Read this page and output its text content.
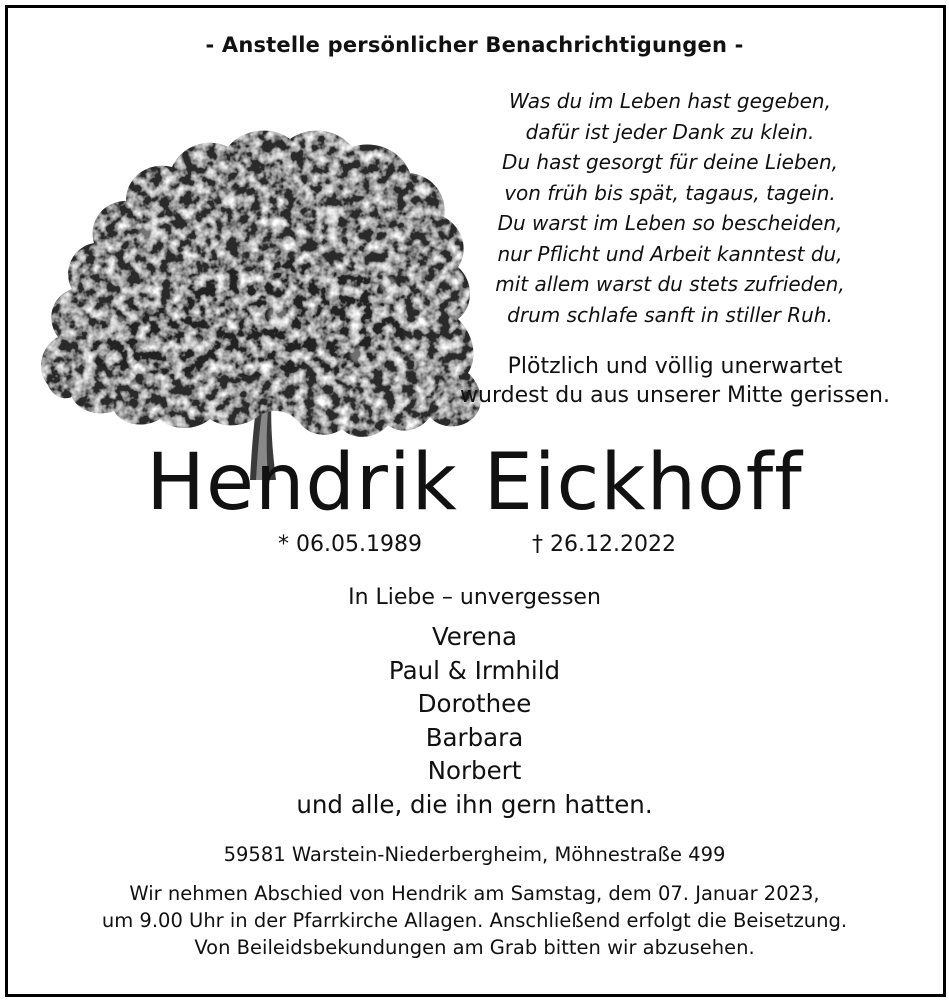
- Anstelle persönlicher Benachrichtigungen -
Was du im Leben hast gegeben,
dafür ist jeder Dank zu klein.
Du hast gesorgt für deine Lieben,
von früh bis spät, tagaus, tagein.
Du warst im Leben so bescheiden,
nur Pflicht und Arbeit kanntest du,
mit allem warst du stets zufrieden,
drum schlafe sanft in stiller Ruh.
Plötzlich und völlig unerwartet
wurdest du aus unserer Mitte gerissen.
Hendrik Eickhoff
* 06.05.1989	† 26.12.2022
In Liebe – unvergessen
Verena
Paul & Irmhild
Dorothee
Barbara
Norbert
und alle, die ihn gern hatten.
59581 Warstein-Niederbergheim, Möhnestraße 499
Wir nehmen Abschied von Hendrik am Samstag, dem 07. Januar 2023,
um 9.00 Uhr in der Pfarrkirche Allagen. Anschließend erfolgt die Beisetzung.
Von Beileidsbekundungen am Grab bitten wir abzusehen.
